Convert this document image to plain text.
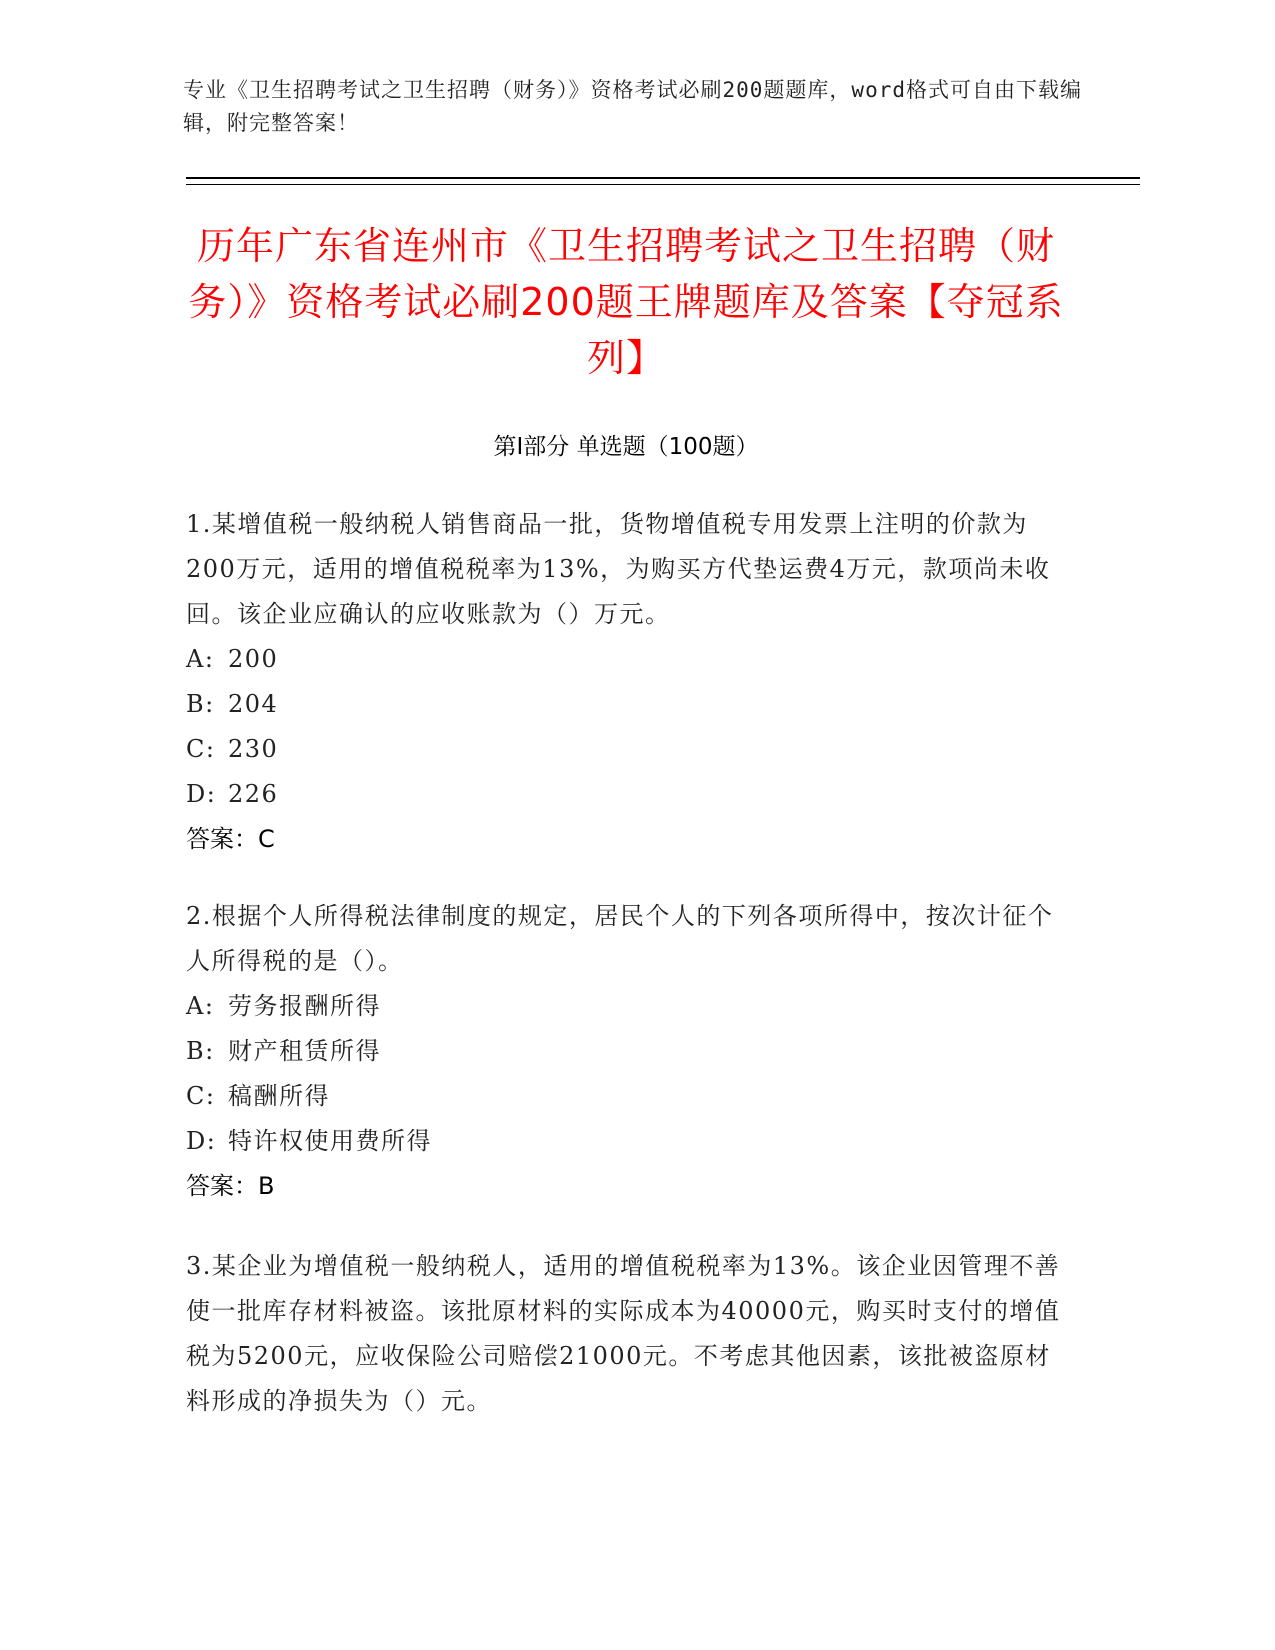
专业《卫生招聘考试之卫生招聘（财务）》资格考试必刷200题题库，word格式可自由下载编辑，附完整答案！
历年广东省连州市《卫生招聘考试之卫生招聘（财务）》资格考试必刷200题王牌题库及答案【夺冠系列】
第Ⅰ部分 单选题（100题）

1.某增值税一般纳税人销售商品一批，货物增值税专用发票上注明的价款为200万元，适用的增值税税率为13%，为购买方代垫运费4万元，款项尚未收回。该企业应确认的应收账款为（）万元。

A: 200
B: 204
C: 230
D: 226
答案：C

2.根据个人所得税法律制度的规定，居民个人的下列各项所得中，按次计征个人所得税的是（）。

A: 劳务报酬所得
B: 财产租赁所得
C: 稿酬所得
D: 特许权使用费所得
答案：B

3.某企业为增值税一般纳税人，适用的增值税税率为13%。该企业因管理不善使一批库存材料被盗。该批原材料的实际成本为40000元，购买时支付的增值税为5200元，应收保险公司赔偿21000元。不考虑其他因素，该批被盗原材料形成的净损失为（）元。
